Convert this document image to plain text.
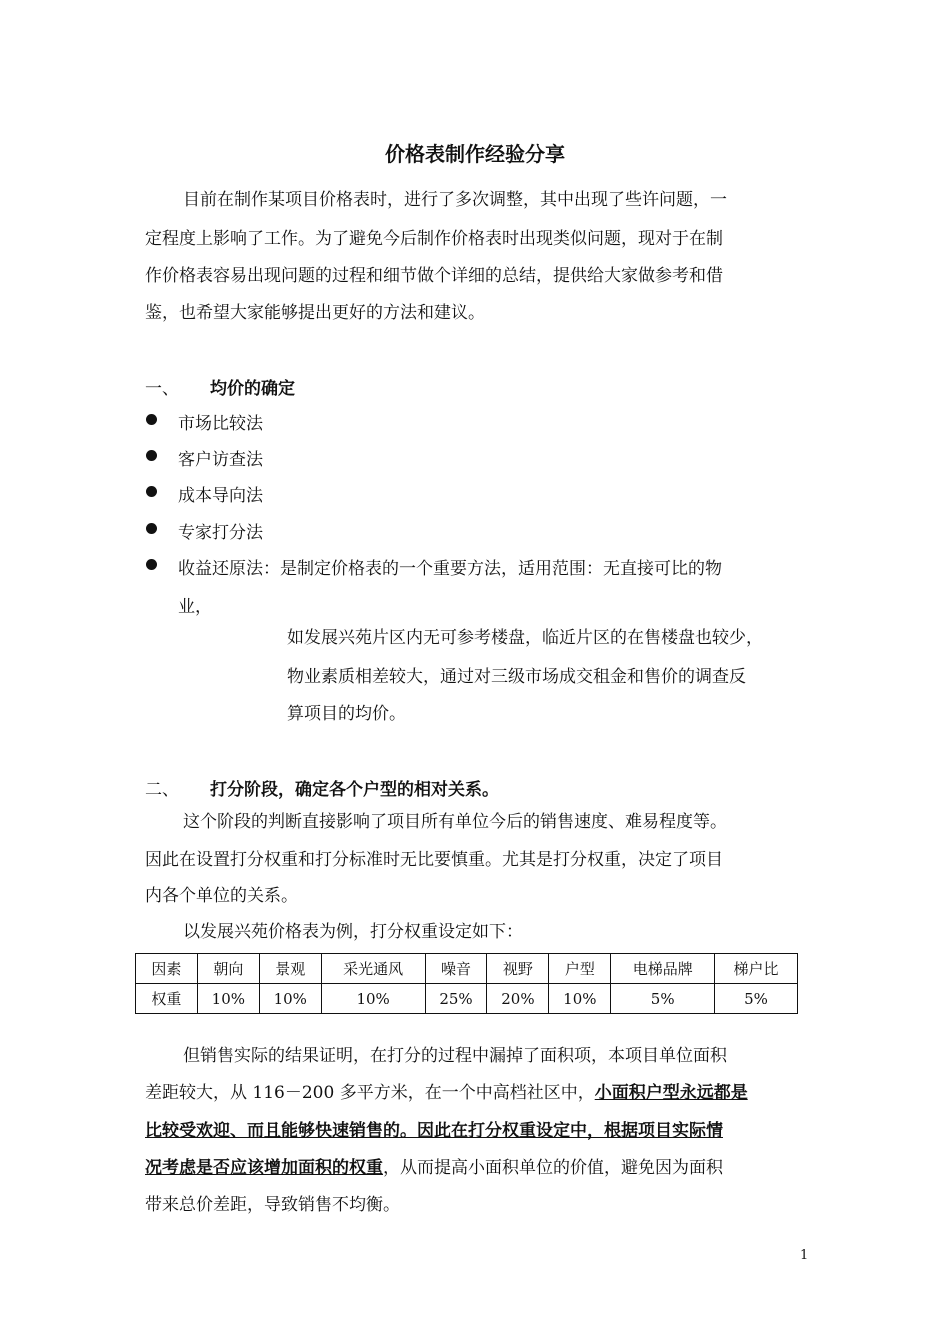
价格表制作经验分享
目前在制作某项目价格表时，进行了多次调整，其中出现了些许问题，一
定程度上影响了工作。为了避免今后制作价格表时出现类似问题，现对于在制
作价格表容易出现问题的过程和细节做个详细的总结，提供给大家做参考和借
鉴，也希望大家能够提出更好的方法和建议。
一、 均价的确定
市场比较法
客户访查法
成本导向法
专家打分法
收益还原法：是制定价格表的一个重要方法，适用范围：无直接可比的物
业，
如发展兴苑片区内无可参考楼盘，临近片区的在售楼盘也较少，
物业素质相差较大，通过对三级市场成交租金和售价的调查反
算项目的均价。
二、 打分阶段，确定各个户型的相对关系。
这个阶段的判断直接影响了项目所有单位今后的销售速度、难易程度等。
因此在设置打分权重和打分标准时无比要慎重。尤其是打分权重，决定了项目
内各个单位的关系。
以发展兴苑价格表为例，打分权重设定如下：
因素	朝向	景观	采光通风	噪音	视野	户型	电梯品牌	梯户比
权重	10%	10%	10%	25%	20%	10%	5%	5%
但销售实际的结果证明，在打分的过程中漏掉了面积项，本项目单位面积
差距较大，从 116－200 多平方米，在一个中高档社区中，小面积户型永远都是
比较受欢迎、而且能够快速销售的。因此在打分权重设定中，根据项目实际情
况考虑是否应该增加面积的权重，从而提高小面积单位的价值，避免因为面积
带来总价差距，导致销售不均衡。
1
